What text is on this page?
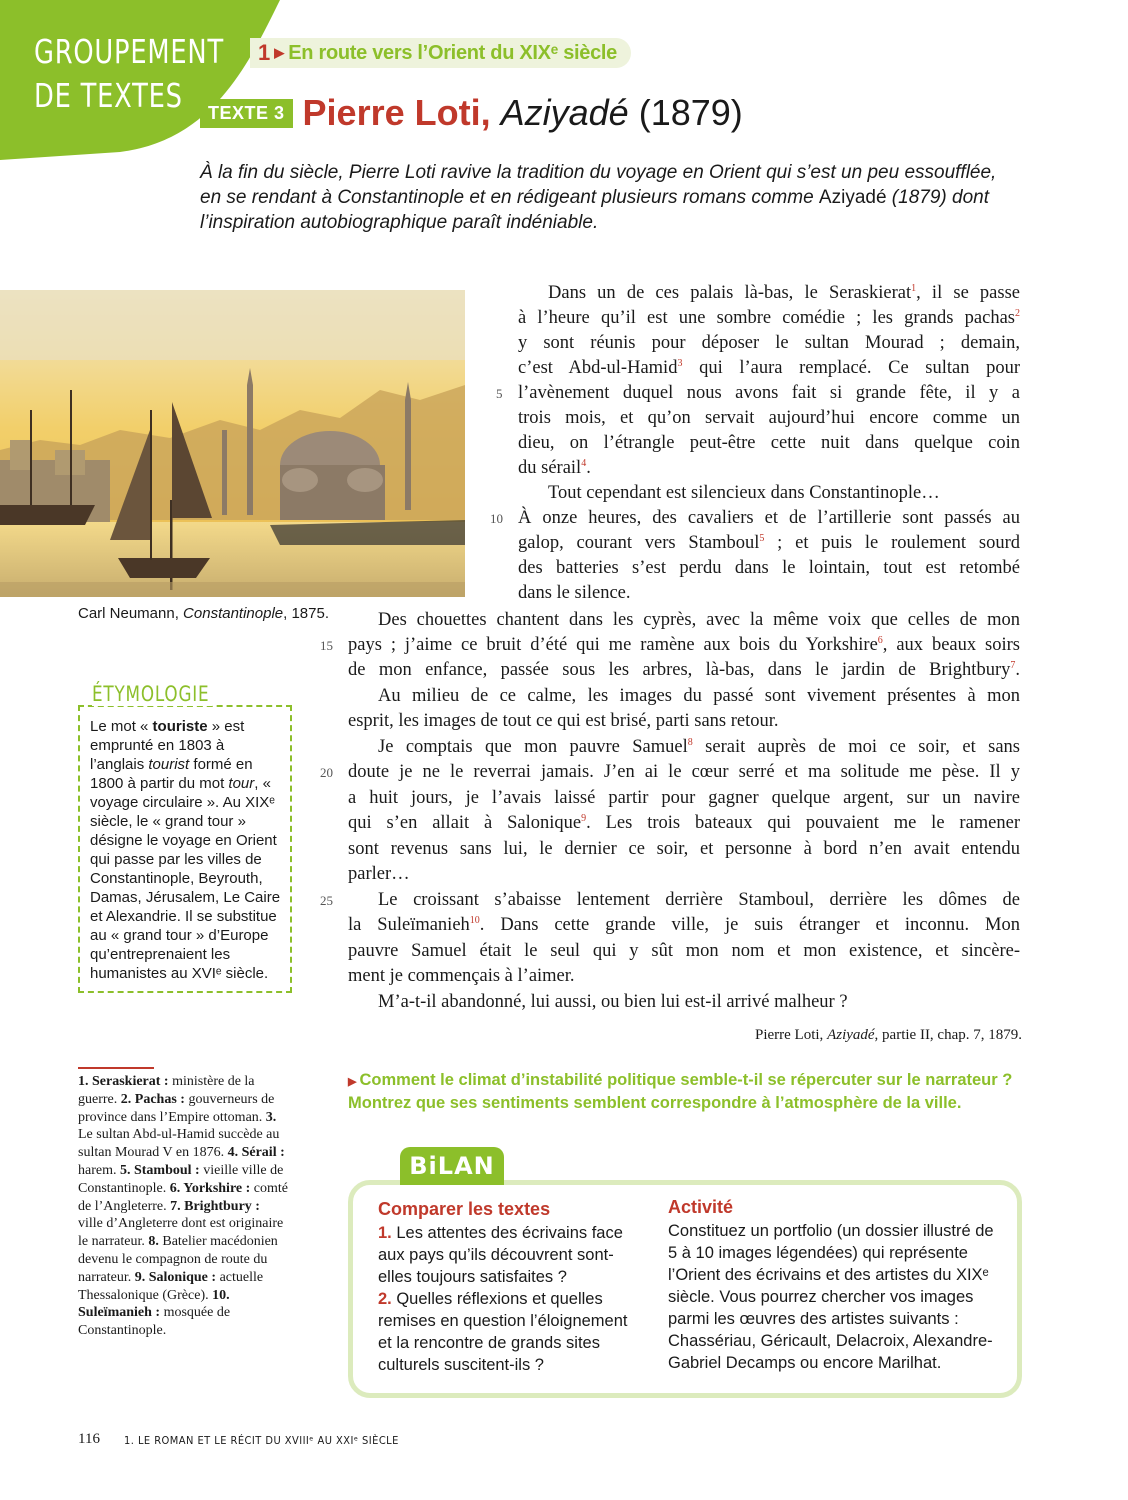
GROUPEMENT
DE TEXTES
1 ▶ En route vers l’Orient du XIXᵉ siècle
TEXTE 3 Pierre Loti, Aziyadé (1879)
À la fin du siècle, Pierre Loti ravive la tradition du voyage en Orient qui s’est un peu essoufflée, en se rendant à Constantinople et en rédigeant plusieurs romans comme Aziyadé (1879) dont l’inspiration autobiographique paraît indéniable.
Carl Neumann, Constantinople, 1875.
ÉTYMOLOGIE
Le mot « touriste » est emprunté en 1803 à l’anglais tourist formé en 1800 à partir du mot tour, « voyage circulaire ». Au XIXᵉ siècle, le « grand tour » désigne le voyage en Orient qui passe par les villes de Constantinople, Beyrouth, Damas, Jérusalem, Le Caire et Alexandrie. Il se substitue au « grand tour » d’Europe qu’entreprenaient les humanistes au XVIᵉ siècle.
Dans un de ces palais là-bas, le Seraskierat$^1$, il se passe
à l’heure qu’il est une sombre comédie ; les grands pachas$^2$
y sont réunis pour déposer le sultan Mourad ; demain,
c’est Abd-ul-Hamid$^3$ qui l’aura remplacé. Ce sultan pour
l’avènement duquel nous avons fait si grande fête, il y a
trois mois, et qu’on servait aujourd’hui encore comme un
dieu, on l’étrangle peut-être cette nuit dans quelque coin
du sérail$^4$.
Tout cependant est silencieux dans Constantinople…
À onze heures, des cavaliers et de l’artillerie sont passés au
galop, courant vers Stamboul$^5$ ; et puis le roulement sourd
des batteries s’est perdu dans le lointain, tout est retombé
dans le silence.
Des chouettes chantent dans les cyprès, avec la même voix que celles de mon
pays ; j’aime ce bruit d’été qui me ramène aux bois du Yorkshire$^6$, aux beaux soirs
de mon enfance, passée sous les arbres, là-bas, dans le jardin de Brightbury$^7$.
Au milieu de ce calme, les images du passé sont vivement présentes à mon
esprit, les images de tout ce qui est brisé, parti sans retour.
Je comptais que mon pauvre Samuel$^8$ serait auprès de moi ce soir, et sans
doute je ne le reverrai jamais. J’en ai le cœur serré et ma solitude me pèse. Il y
a huit jours, je l’avais laissé partir pour gagner quelque argent, sur un navire
qui s’en allait à Salonique$^9$. Les trois bateaux qui pouvaient me le ramener
sont revenus sans lui, le dernier ce soir, et personne à bord n’en avait entendu
parler…
Le croissant s’abaisse lentement derrière Stamboul, derrière les dômes de
la Suleïmanieh$^{10}$. Dans cette grande ville, je suis étranger et inconnu. Mon
pauvre Samuel était le seul qui y sût mon nom et mon existence, et sincère-
ment je commençais à l’aimer.
M’a-t-il abandonné, lui aussi, ou bien lui est-il arrivé malheur ?
5
10
15
20
25
Pierre Loti, Aziyadé, partie II, chap. 7, 1879.
▶ Comment le climat d’instabilité politique semble-t-il se répercuter sur le narrateur ?
Montrez que ses sentiments semblent correspondre à l’atmosphère de la ville.
1. Seraskierat : ministère de la guerre. 2. Pachas : gouverneurs de province dans l’Empire ottoman. 3. Le sultan Abd-ul-Hamid succède au sultan Mourad V en 1876. 4. Sérail : harem. 5. Stamboul : vieille ville de Constantinople. 6. Yorkshire : comté de l’Angleterre. 7. Brightbury : ville d’Angleterre dont est originaire le narrateur. 8. Batelier macédonien devenu le compagnon de route du narrateur. 9. Salonique : actuelle Thessalonique (Grèce). 10. Suleïmanieh : mosquée de Constantinople.
BiLAN
Comparer les textes

1. Les attentes des écrivains face aux pays qu’ils découvrent sont-elles toujours satisfaites ?

2. Quelles réflexions et quelles remises en question l’éloignement et la rencontre de grands sites culturels suscitent-ils ?

Activité

Constituez un portfolio (un dossier illustré de 5 à 10 images légendées) qui représente l’Orient des écrivains et des artistes du XIXᵉ siècle. Vous pourrez chercher vos images parmi les œuvres des artistes suivants :

Chassériau, Géricault, Delacroix, Alexandre-Gabriel Decamps ou encore Marilhat.

116 1. LE ROMAN ET LE RÉCIT DU XVIIIᵉ AU XXIᵉ SIÈCLE
